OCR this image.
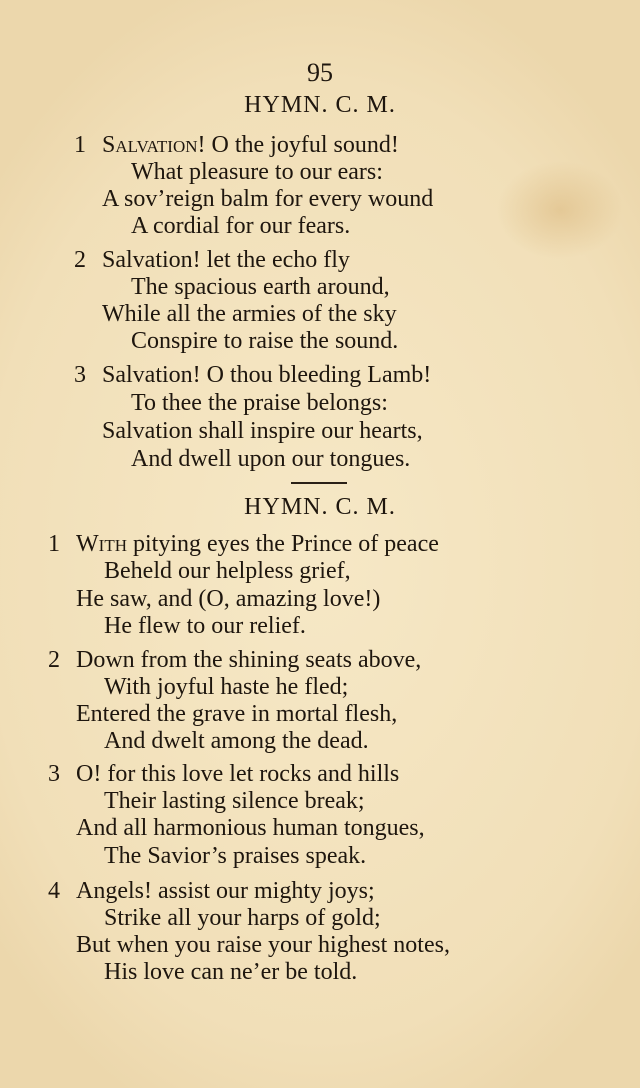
95
HYMN. C. M.
1 Salvation! O the joyful sound!
What pleasure to our ears:
A sov’reign balm for every wound
A cordial for our fears.
2 Salvation! let the echo fly
The spacious earth around,
While all the armies of the sky
Conspire to raise the sound.
3 Salvation! O thou bleeding Lamb!
To thee the praise belongs:
Salvation shall inspire our hearts,
And dwell upon our tongues.
HYMN. C. M.
1 With pitying eyes the Prince of peace
Beheld our helpless grief,
He saw, and (O, amazing love!)
He flew to our relief.
2 Down from the shining seats above,
With joyful haste he fled;
Entered the grave in mortal flesh,
And dwelt among the dead.
3 O! for this love let rocks and hills
Their lasting silence break;
And all harmonious human tongues,
The Savior’s praises speak.
4 Angels! assist our mighty joys;
Strike all your harps of gold;
But when you raise your highest notes,
His love can ne’er be told.
